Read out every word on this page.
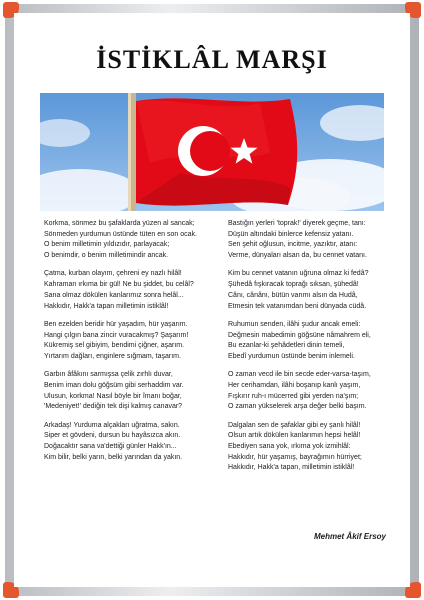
İSTİKLÂL MARŞI
Korkma, sönmez bu şafaklarda yüzen al sancak;
Sönmeden yurdumun üstünde tüten en son ocak.
O benim milletimin yıldızıdır, parlayacak;
O benimdir, o benim milletimindir ancak.
Çatma, kurban olayım, çehreni ey nazlı hilâl!
Kahraman ırkıma bir gül! Ne bu şiddet, bu celâl?
Sana olmaz dökülen kanlarımız sonra helâl...
Hakkıdır, Hakk'a tapan milletimin istiklâl!
Ben ezelden beridir hür yaşadım, hür yaşarım.
Hangi çılgın bana zincir vuracakmış? Şaşarım!
Kükremiş sel gibiyim, bendimi çiğner, aşarım.
Yırtarım dağları, enginlere sığmam, taşarım.
Garbın âfâkını sarmışsa çelik zırhlı duvar,
Benim iman dolu göğsüm gibi serhaddim var.
Ulusun, korkma! Nasıl böyle bir îmanı boğar,
'Medeniyet!' dediğin tek dişi kalmış canavar?
Arkadaş! Yurduma alçakları uğratma, sakın.
Siper et gövdeni, dursun bu hayâsızca akın.
Doğacaktır sana va'dettiği günler Hakk'ın...
Kim bilir, belki yarın, belki yarından da yakın.
Bastığın yerleri 'toprak!' diyerek geçme, tanı:
Düşün altındaki binlerce kefensiz yatanı.
Sen şehit oğlusun, incitme, yazıktır, atanı:
Verme, dünyaları alsan da, bu cennet vatanı.
Kim bu cennet vatanın uğruna olmaz ki fedâ?
Şühedâ fışkıracak toprağı sıksan, şühedâ!
Cânı, cânânı, bütün varımı alsın da Hudâ,
Etmesin tek vatanımdan beni dünyada cüdâ.
Ruhumun senden, ilâhi şudur ancak emeli:
Değmesin mabedimin göğsüne nâmahrem eli,
Bu ezanlar-ki şehâdetleri dinin temeli,
Ebedî yurdumun üstünde benim inlemeli.
O zaman vecd ile bin secde eder-varsa-taşım,
Her cerihamdan, ilâhi boşanıp kanlı yaşım,
Fışkırır ruh-ı mücerred gibi yerden na'şım;
O zaman yükselerek arşa değer belki başım.
Dalgalan sen de şafaklar gibi ey şanlı hilâl!
Olsun artık dökülen kanlarımın hepsi helâl!
Ebediyen sana yok, ırkıma yok izmihlâl:
Hakkıdır, hür yaşamış, bayrağımın hürriyet;
Hakkıdır, Hakk'a tapan, milletimin istiklâl!
Mehmet Âkif Ersoy
